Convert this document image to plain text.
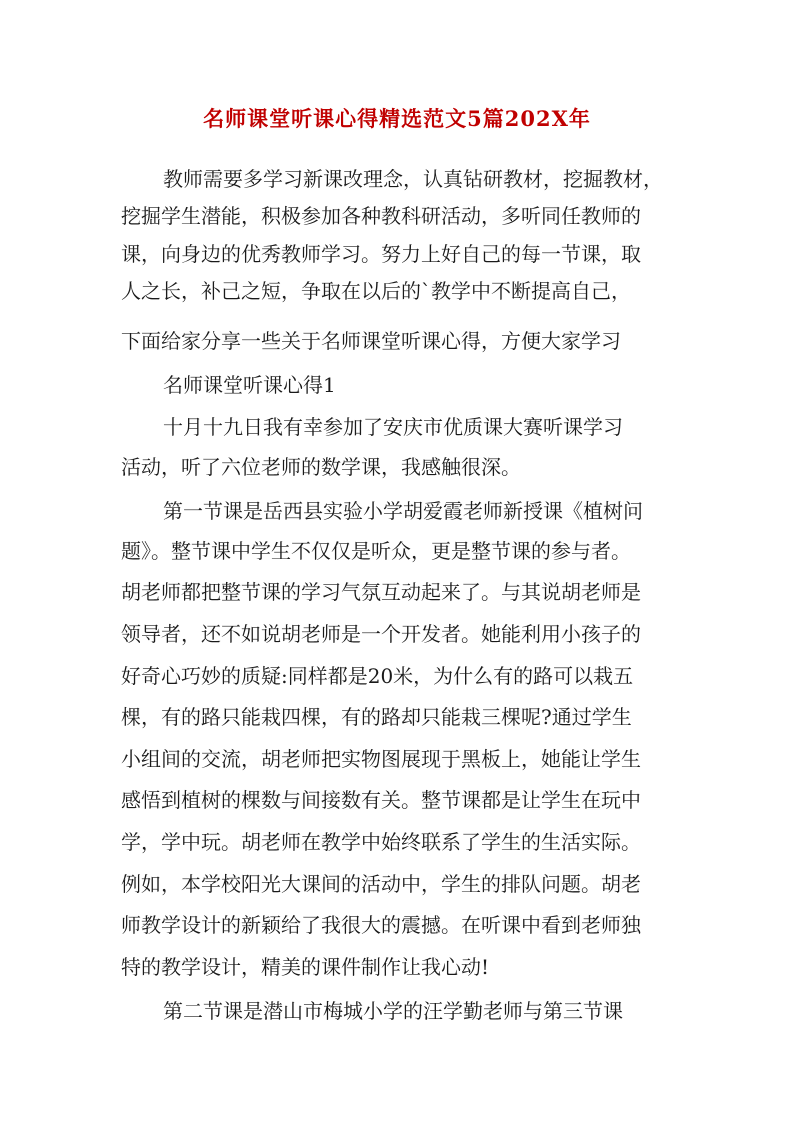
名师课堂听课心得精选范文5篇202X年
教师需要多学习新课改理念，认真钻研教材，挖掘教材，
挖掘学生潜能，积极参加各种教科研活动，多听同任教师的
课，向身边的优秀教师学习。努力上好自己的每一节课，取
人之长，补己之短，争取在以后的`教学中不断提高自己，
下面给家分享一些关于名师课堂听课心得，方便大家学习
名师课堂听课心得1
十月十九日我有幸参加了安庆市优质课大赛听课学习
活动，听了六位老师的数学课，我感触很深。
第一节课是岳西县实验小学胡爱霞老师新授课《植树问
题》。整节课中学生不仅仅是听众，更是整节课的参与者。
胡老师都把整节课的学习气氛互动起来了。与其说胡老师是
领导者，还不如说胡老师是一个开发者。她能利用小孩子的
好奇心巧妙的质疑:同样都是20米，为什么有的路可以栽五
棵，有的路只能栽四棵，有的路却只能栽三棵呢?通过学生
小组间的交流，胡老师把实物图展现于黑板上，她能让学生
感悟到植树的棵数与间接数有关。整节课都是让学生在玩中
学，学中玩。胡老师在教学中始终联系了学生的生活实际。
例如，本学校阳光大课间的活动中，学生的排队问题。胡老
师教学设计的新颖给了我很大的震撼。在听课中看到老师独
特的教学设计，精美的课件制作让我心动!
第二节课是潜山市梅城小学的汪学勤老师与第三节课
